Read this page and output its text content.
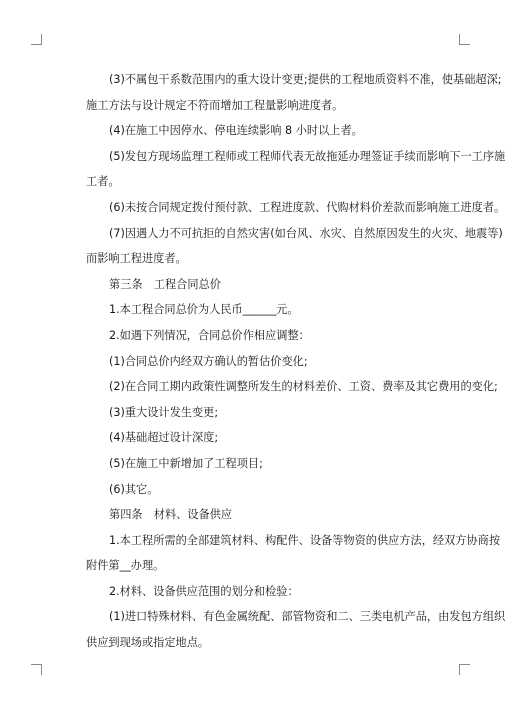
(3)不属包干系数范围内的重大设计变更;提供的工程地质资料不准，使基础超深;

施工方法与设计规定不符而增加工程量影响进度者。

(4)在施工中因停水、停电连续影响 8 小时以上者。

(5)发包方现场监理工程师或工程师代表无故拖延办理签证手续而影响下一工序施

工者。

(6)未按合同规定拨付预付款、工程进度款、代购材料价差款而影响施工进度者。

(7)因遇人力不可抗拒的自然灾害(如台风、水灾、自然原因发生的火灾、地震等)

而影响工程进度者。

第三条　工程合同总价

1.本工程合同总价为人民币______元。

2.如遇下列情况，合同总价作相应调整：

(1)合同总价内经双方确认的暂估价变化;

(2)在合同工期内政策性调整所发生的材料差价、工资、费率及其它费用的变化;

(3)重大设计发生变更;

(4)基础超过设计深度;

(5)在施工中新增加了工程项目;

(6)其它。

第四条　材料、设备供应

1.本工程所需的全部建筑材料、构配件、设备等物资的供应方法，经双方协商按

附件第__办理。

2.材料、设备供应范围的划分和检验：

(1)进口特殊材料、有色金属统配、部管物资和二、三类电机产品，由发包方组织

供应到现场或指定地点。
